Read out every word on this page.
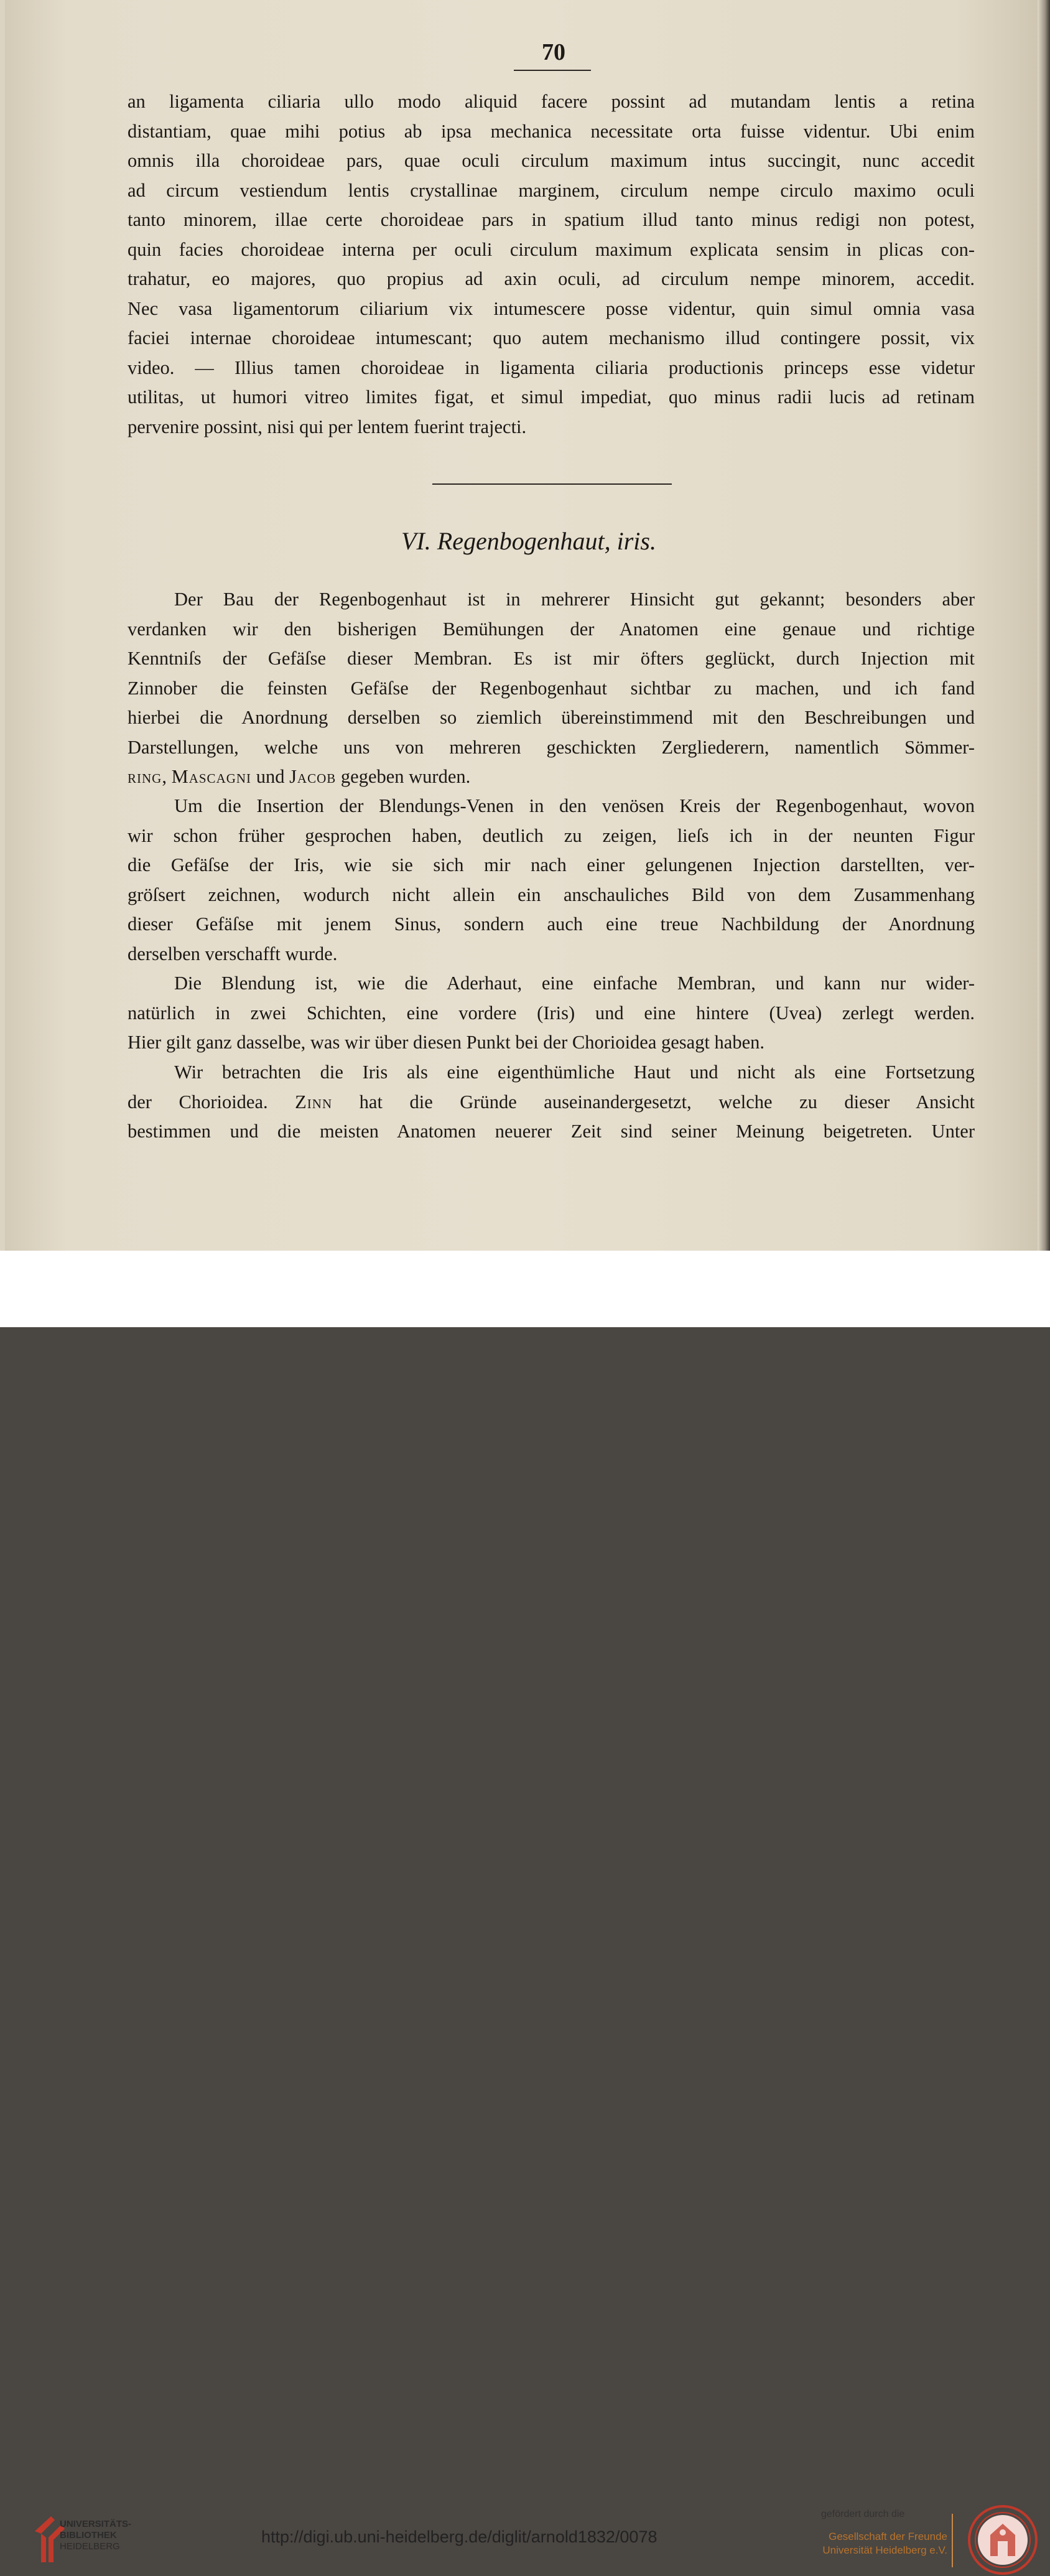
70
an ligamenta ciliaria ullo modo aliquid facere possint ad mutandam lentis a retina
distantiam, quae mihi potius ab ipsa mechanica necessitate orta fuisse videntur. Ubi enim
omnis illa choroideae pars, quae oculi circulum maximum intus succingit, nunc accedit
ad circum vestiendum lentis crystallinae marginem, circulum nempe circulo maximo oculi
tanto minorem, illae certe choroideae pars in spatium illud tanto minus redigi non potest,
quin facies choroideae interna per oculi circulum maximum explicata sensim in plicas con-
trahatur, eo majores, quo propius ad axin oculi, ad circulum nempe minorem, accedit.
Nec vasa ligamentorum ciliarium vix intumescere posse videntur, quin simul omnia vasa
faciei internae choroideae intumescant; quo autem mechanismo illud contingere possit, vix
video. — Illius tamen choroideae in ligamenta ciliaria productionis princeps esse videtur
utilitas, ut humori vitreo limites figat, et simul impediat, quo minus radii lucis ad retinam
pervenire possint, nisi qui per lentem fuerint trajecti.
VI. Regenbogenhaut, iris.
Der Bau der Regenbogenhaut ist in mehrerer Hinsicht gut gekannt; besonders aber
verdanken wir den bisherigen Bemühungen der Anatomen eine genaue und richtige
Kenntniſs der Gefäſse dieser Membran. Es ist mir öfters geglückt, durch Injection mit
Zinnober die feinsten Gefäſse der Regenbogenhaut sichtbar zu machen, und ich fand
hierbei die Anordnung derselben so ziemlich übereinstimmend mit den Beschreibungen und
Darstellungen, welche uns von mehreren geschickten Zergliederern, namentlich Sömmer-
ring, Mascagni und Jacob gegeben wurden.
Um die Insertion der Blendungs-Venen in den venösen Kreis der Regenbogenhaut, wovon
wir schon früher gesprochen haben, deutlich zu zeigen, lieſs ich in der neunten Figur
die Gefäſse der Iris, wie sie sich mir nach einer gelungenen Injection darstellten, ver-
gröſsert zeichnen, wodurch nicht allein ein anschauliches Bild von dem Zusammenhang
dieser Gefäſse mit jenem Sinus, sondern auch eine treue Nachbildung der Anordnung
derselben verschafft wurde.
Die Blendung ist, wie die Aderhaut, eine einfache Membran, und kann nur wider-
natürlich in zwei Schichten, eine vordere (Iris) und eine hintere (Uvea) zerlegt werden.
Hier gilt ganz dasselbe, was wir über diesen Punkt bei der Chorioidea gesagt haben.
Wir betrachten die Iris als eine eigenthümliche Haut und nicht als eine Fortsetzung
der Chorioidea. Zinn hat die Gründe auseinandergesetzt, welche zu dieser Ansicht
bestimmen und die meisten Anatomen neuerer Zeit sind seiner Meinung beigetreten. Unter
UNIVERSITÄTS-
BIBLIOTHEK
HEIDELBERG
http://digi.ub.uni-heidelberg.de/diglit/arnold1832/0078
gefördert durch die
Gesellschaft der Freunde
Universität Heidelberg e.V.
